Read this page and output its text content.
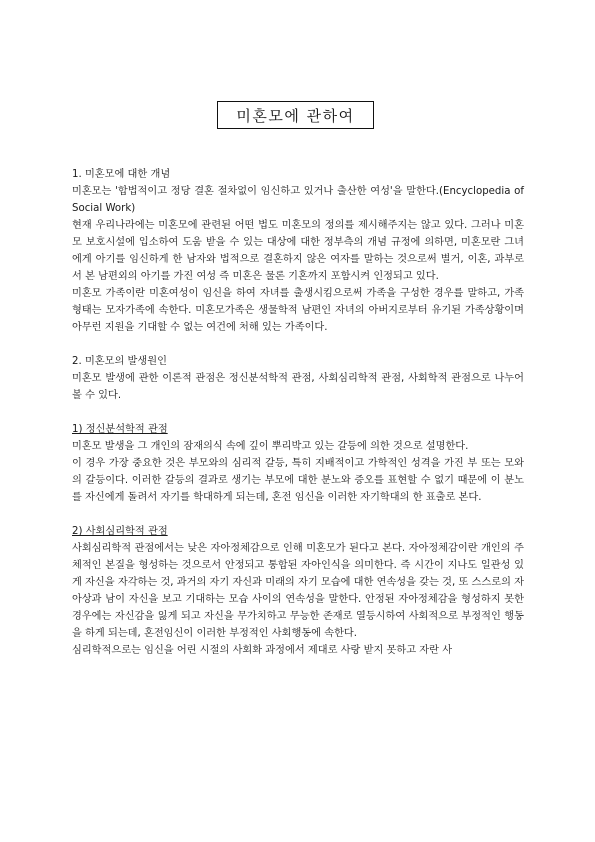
미혼모에 관하여

1. 미혼모에 대한 개념

미혼모는 '합법적이고 정당 결혼 절차없이 임신하고 있거나 출산한 여성'을 말한다.(Encyclopedia of Social Work)

현재 우리나라에는 미혼모에 관련된 어떤 법도 미혼모의 정의를 제시해주지는 않고 있다. 그러나 미혼모 보호시설에 입소하여 도움 받을 수 있는 대상에 대한 정부측의 개념 규정에 의하면, 미혼모란 그녀에게 아기를 임신하게 한 남자와 법적으로 결혼하지 않은 여자를 말하는 것으로써 별거, 이혼, 과부로서 본 남편외의 아기를 가진 여성 즉 미혼은 물론 기혼까지 포함시켜 인정되고 있다.

미혼모 가족이란 미혼여성이 임신을 하여 자녀를 출생시킴으로써 가족을 구성한 경우를 말하고, 가족형태는 모자가족에 속한다. 미혼모가족은 생물학적 남편인 자녀의 아버지로부터 유기된 가족상황이며 아무런 지원을 기대할 수 없는 여건에 처해 있는 가족이다.

2. 미혼모의 발생원인

미혼모 발생에 관한 이론적 관점은 정신분석학적 관점, 사회심리학적 관점, 사회학적 관점으로 나누어 볼 수 있다.

1) 정신분석학적 관점

미혼모 발생을 그 개인의 잠재의식 속에 깊이 뿌리박고 있는 갈등에 의한 것으로 설명한다.

이 경우 가장 중요한 것은 부모와의 심리적 갈등, 특히 지배적이고 가학적인 성격을 가진 부 또는 모와의 갈등이다. 이러한 갈등의 결과로 생기는 부모에 대한 분노와 증오를 표현할 수 없기 때문에 이 분노를 자신에게 돌려서 자기를 학대하게 되는데, 혼전 임신을 이러한 자기학대의 한 표출로 본다.

2) 사회심리학적 관점

사회심리학적 관점에서는 낮은 자아정체감으로 인해 미혼모가 된다고 본다. 자아정체감이란 개인의 주체적인 본질을 형성하는 것으로서 안정되고 통합된 자아인식을 의미한다. 즉 시간이 지나도 일관성 있게 자신을 자각하는 것, 과거의 자기 자신과 미래의 자기 모습에 대한 연속성을 갖는 것, 또 스스로의 자아상과 남이 자신을 보고 기대하는 모습 사이의 연속성을 말한다. 안정된 자아정체감을 형성하지 못한 경우에는 자신감을 잃게 되고 자신을 무가치하고 무능한 존재로 열등시하여 사회적으로 부정적인 행동을 하게 되는데, 혼전임신이 이러한 부정적인 사회행동에 속한다.

심리학적으로는 임신을 어린 시절의 사회화 과정에서 제대로 사랑 받지 못하고 자란 사
